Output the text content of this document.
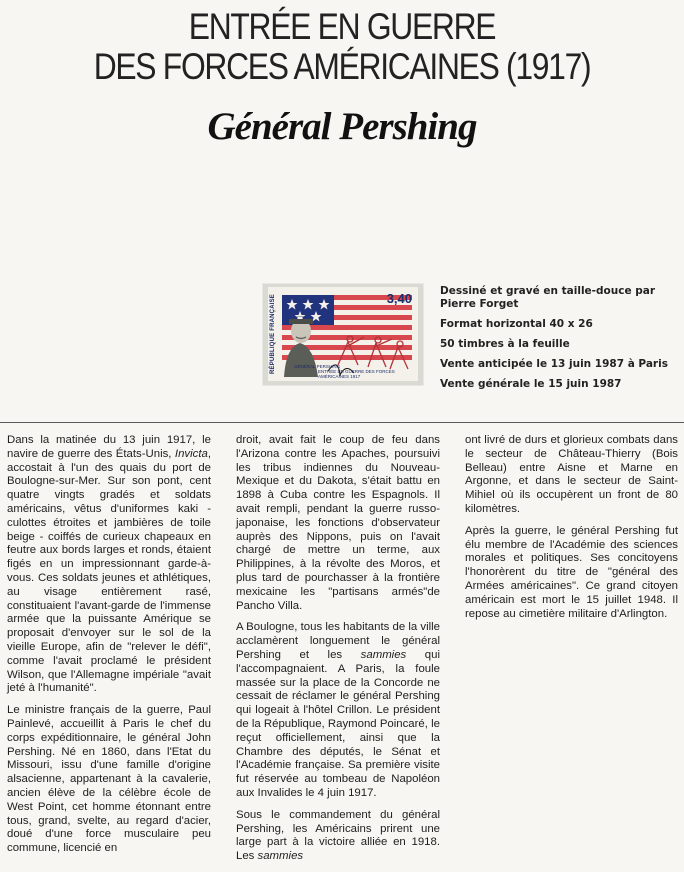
ENTRÉE EN GUERRE
DES FORCES AMÉRICAINES (1917)
Général Pershing
RÉPUBLIQUE FRANÇAISE	3,40
GÉNÉRAL PERSHING
ENTRÉE EN GUERRE DES FORCES AMÉRICAINES 1917

Dessiné et gravé en taille-douce par Pierre Forget

Format horizontal 40 x 26

50 timbres à la feuille

Vente anticipée le 13 juin 1987 à Paris

Vente générale le 15 juin 1987

Dans la matinée du 13 juin 1917, le navire de guerre des États-Unis, Invicta, accostait à l'un des quais du port de Boulogne-sur-Mer. Sur son pont, cent quatre vingts gradés et soldats américains, vêtus d'uniformes kaki - culottes étroites et jambières de toile beige - coiffés de curieux chapeaux en feutre aux bords larges et ronds, étaient figés en un impressionnant garde-à-vous. Ces soldats jeunes et athlétiques, au visage entièrement rasé, constituaient l'avant-garde de l'immense armée que la puissante Amérique se proposait d'envoyer sur le sol de la vieille Europe, afin de "relever le défi", comme l'avait proclamé le président Wilson, que l'Allemagne impériale "avait jeté à l'humanité".

Le ministre français de la guerre, Paul Painlevé, accueillit à Paris le chef du corps expéditionnaire, le général John Pershing. Né en 1860, dans l'Etat du Missouri, issu d'une famille d'origine alsacienne, appartenant à la cavalerie, ancien élève de la célèbre école de West Point, cet homme étonnant entre tous, grand, svelte, au regard d'acier, doué d'une force musculaire peu commune, licencié en

droit, avait fait le coup de feu dans l'Arizona contre les Apaches, poursuivi les tribus indiennes du Nouveau-Mexique et du Dakota, s'était battu en 1898 à Cuba contre les Espagnols. Il avait rempli, pendant la guerre russo-japonaise, les fonctions d'observateur auprès des Nippons, puis on l'avait chargé de mettre un terme, aux Philippines, à la révolte des Moros, et plus tard de pourchasser à la frontière mexicaine les "partisans armés"de Pancho Villa.

A Boulogne, tous les habitants de la ville acclamèrent longuement le général Pershing et les sammies qui l'accompagnaient. A Paris, la foule massée sur la place de la Concorde ne cessait de réclamer le général Pershing qui logeait à l'hôtel Crillon. Le président de la République, Raymond Poincaré, le reçut officiellement, ainsi que la Chambre des députés, le Sénat et l'Académie française. Sa première visite fut réservée au tombeau de Napoléon aux Invalides le 4 juin 1917.

Sous le commandement du général Pershing, les Américains prirent une large part à la victoire alliée en 1918. Les sammies

ont livré de durs et glorieux combats dans le secteur de Château-Thierry (Bois Belleau) entre Aisne et Marne en Argonne, et dans le secteur de Saint-Mihiel où ils occupèrent un front de 80 kilomètres.

Après la guerre, le général Pershing fut élu membre de l'Académie des sciences morales et politiques. Ses concitoyens l'honorèrent du titre de "général des Armées américaines". Ce grand citoyen américain est mort le 15 juillet 1948. Il repose au cimetière militaire d'Arlington.
